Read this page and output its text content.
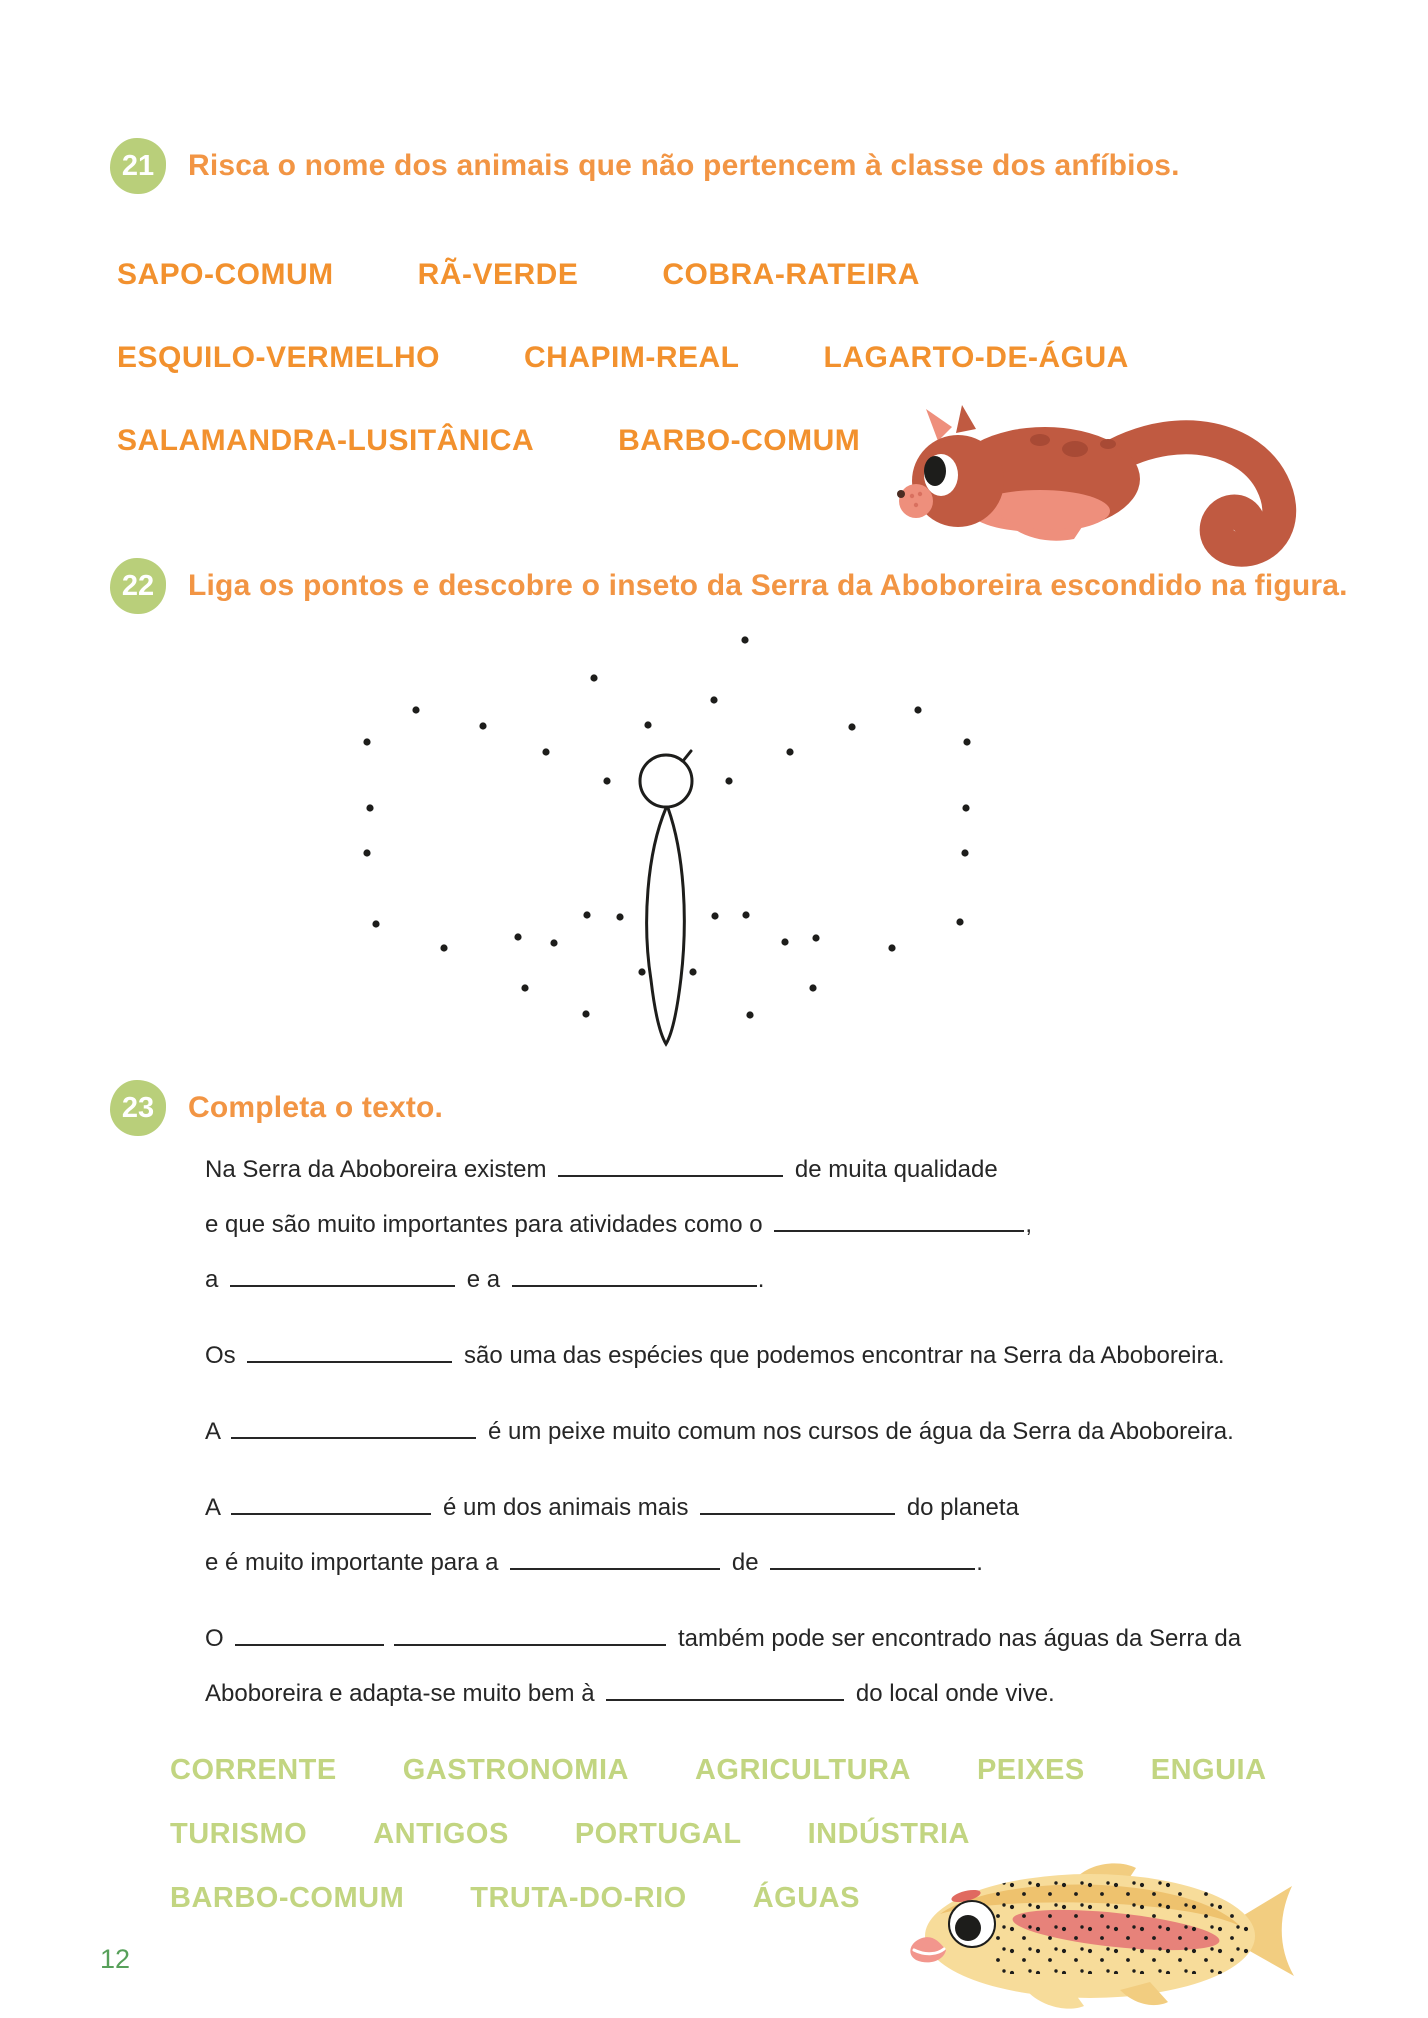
21	Risca o nome dos animais que não pertencem à classe dos anfíbios.
SAPO-COMUM	RÃ-VERDE	COBRA-RATEIRA
ESQUILO-VERMELHO	CHAPIM-REAL	LAGARTO-DE-ÁGUA
SALAMANDRA-LUSITÂNICA	BARBO-COMUM
22	Liga os pontos e descobre o inseto da Serra da Aboboreira escondido na figura.
23	Completa o texto.
Na Serra da Aboboreira existem	de muita qualidade
e que são muito importantes para atividades como o	,
a	e a	.
Os	são uma das espécies que podemos encontrar na Serra da Aboboreira.
A	é um peixe muito comum nos cursos de água da Serra da Aboboreira.
A	é um dos animais mais	do planeta
e é muito importante para a	de	.
O	também pode ser encontrado nas águas da Serra da
Aboboreira e adapta-se muito bem à	do local onde vive.
CORRENTE GASTRONOMIA AGRICULTURA PEIXES ENGUIA
TURISMO ANTIGOS PORTUGAL INDÚSTRIA
BARBO-COMUM TRUTA-DO-RIO ÁGUAS
12
